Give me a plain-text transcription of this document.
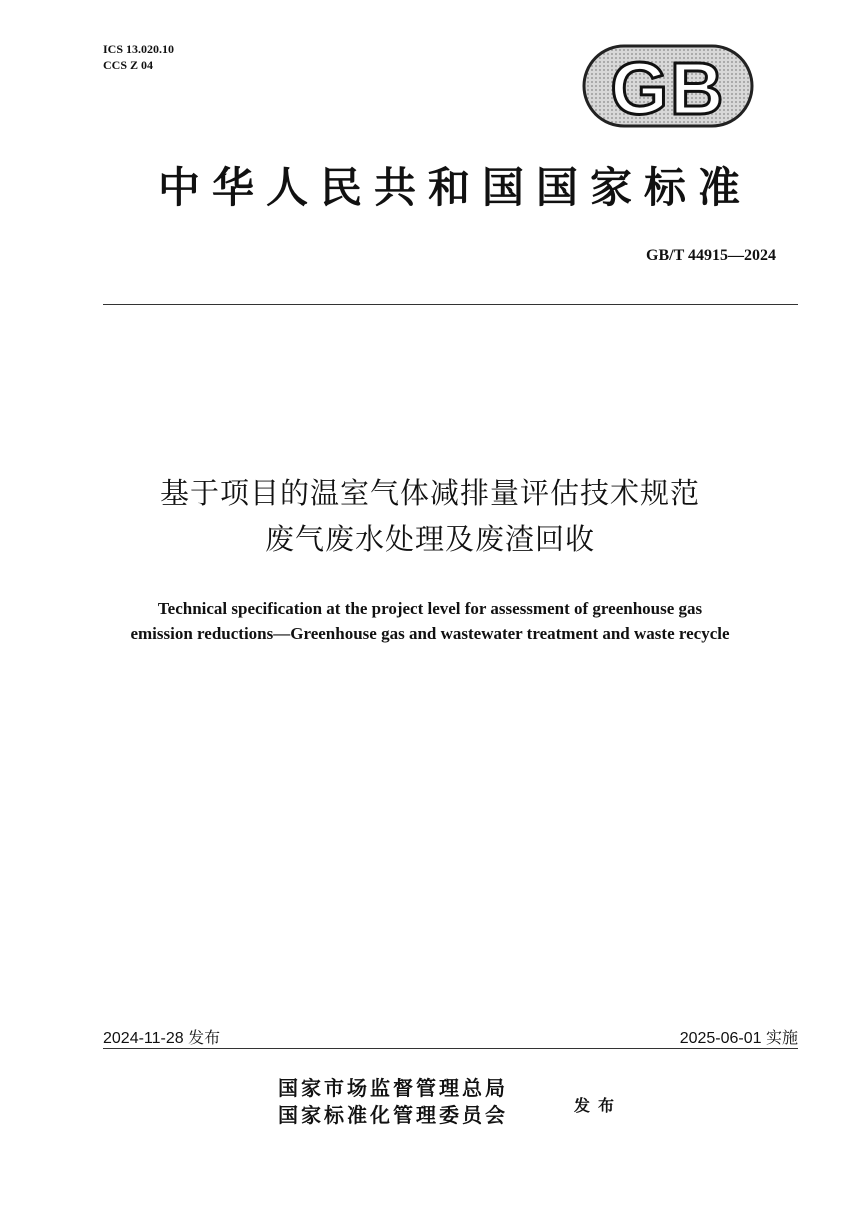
ICS 13.020.10
CCS Z 04	GB
中华人民共和国国家标准
GB/T 44915—2024
基于项目的温室气体减排量评估技术规范
废气废水处理及废渣回收
Technical specification at the project level for assessment of greenhouse gas
emission reductions—Greenhouse gas and wastewater treatment and waste recycle
2024-11-28 发布	2025-06-01 实施
国家市场监督管理总局
国家标准化管理委员会	发布
